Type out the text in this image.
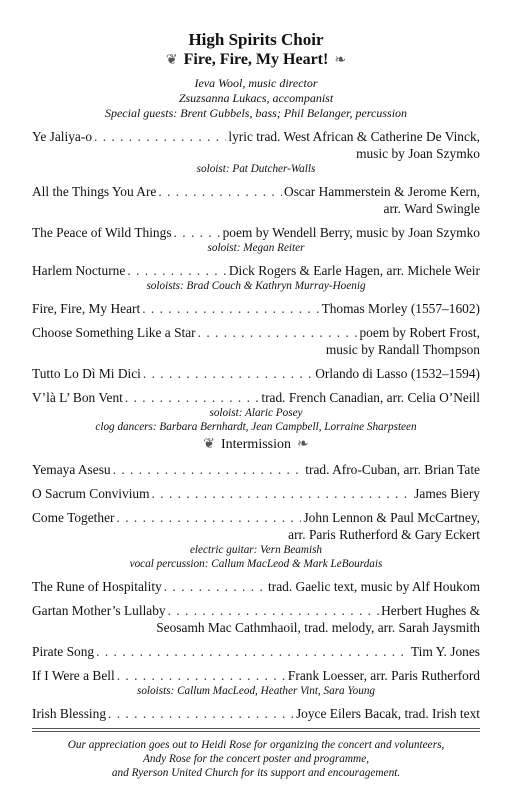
High Spirits Choir
❦ Fire, Fire, My Heart! ❧
Ieva Wool, music director
Zsuzsanna Lukacs, accompanist
Special guests: Brent Gubbels, bass; Phil Belanger, percussion
Ye Jaliya-o . . .	lyric trad. West African & Catherine De Vinck,
music by Joan Szymko
soloist: Pat Dutcher-Walls
All the Things You Are . . .	Oscar Hammerstein & Jerome Kern,
arr. Ward Swingle
The Peace of Wild Things . . .	poem by Wendell Berry, music by Joan Szymko
soloist: Megan Reiter
Harlem Nocturne . . .	Dick Rogers & Earle Hagen, arr. Michele Weir
soloists: Brad Couch & Kathryn Murray-Hoenig
Fire, Fire, My Heart . . .	Thomas Morley (1557–1602)
Choose Something Like a Star . . .	poem by Robert Frost,
music by Randall Thompson
Tutto Lo Dì Mi Dici . . .	Orlando di Lasso (1532–1594)
V’là L’ Bon Vent . . .	trad. French Canadian, arr. Celia O’Neill
soloist: Alaric Posey
clog dancers: Barbara Bernhardt, Jean Campbell, Lorraine Sharpsteen
❦ Intermission ❧
Yemaya Asesu . . .	trad. Afro-Cuban, arr. Brian Tate
O Sacrum Convivium . . .	James Biery
Come Together . . .	John Lennon & Paul McCartney,
arr. Paris Rutherford & Gary Eckert
electric guitar: Vern Beamish
vocal percussion: Callum MacLeod & Mark LeBourdais
The Rune of Hospitality . . .	trad. Gaelic text, music by Alf Houkom
Gartan Mother’s Lullaby . . .	Herbert Hughes &
Seosamh Mac Cathmhaoil, trad. melody, arr. Sarah Jaysmith
Pirate Song . . .	Tim Y. Jones
If I Were a Bell . . .	Frank Loesser, arr. Paris Rutherford
soloists: Callum MacLeod, Heather Vint, Sara Young
Irish Blessing . . .	Joyce Eilers Bacak, trad. Irish text
Our appreciation goes out to Heidi Rose for organizing the concert and volunteers,
Andy Rose for the concert poster and programme,
and Ryerson United Church for its support and encouragement.
